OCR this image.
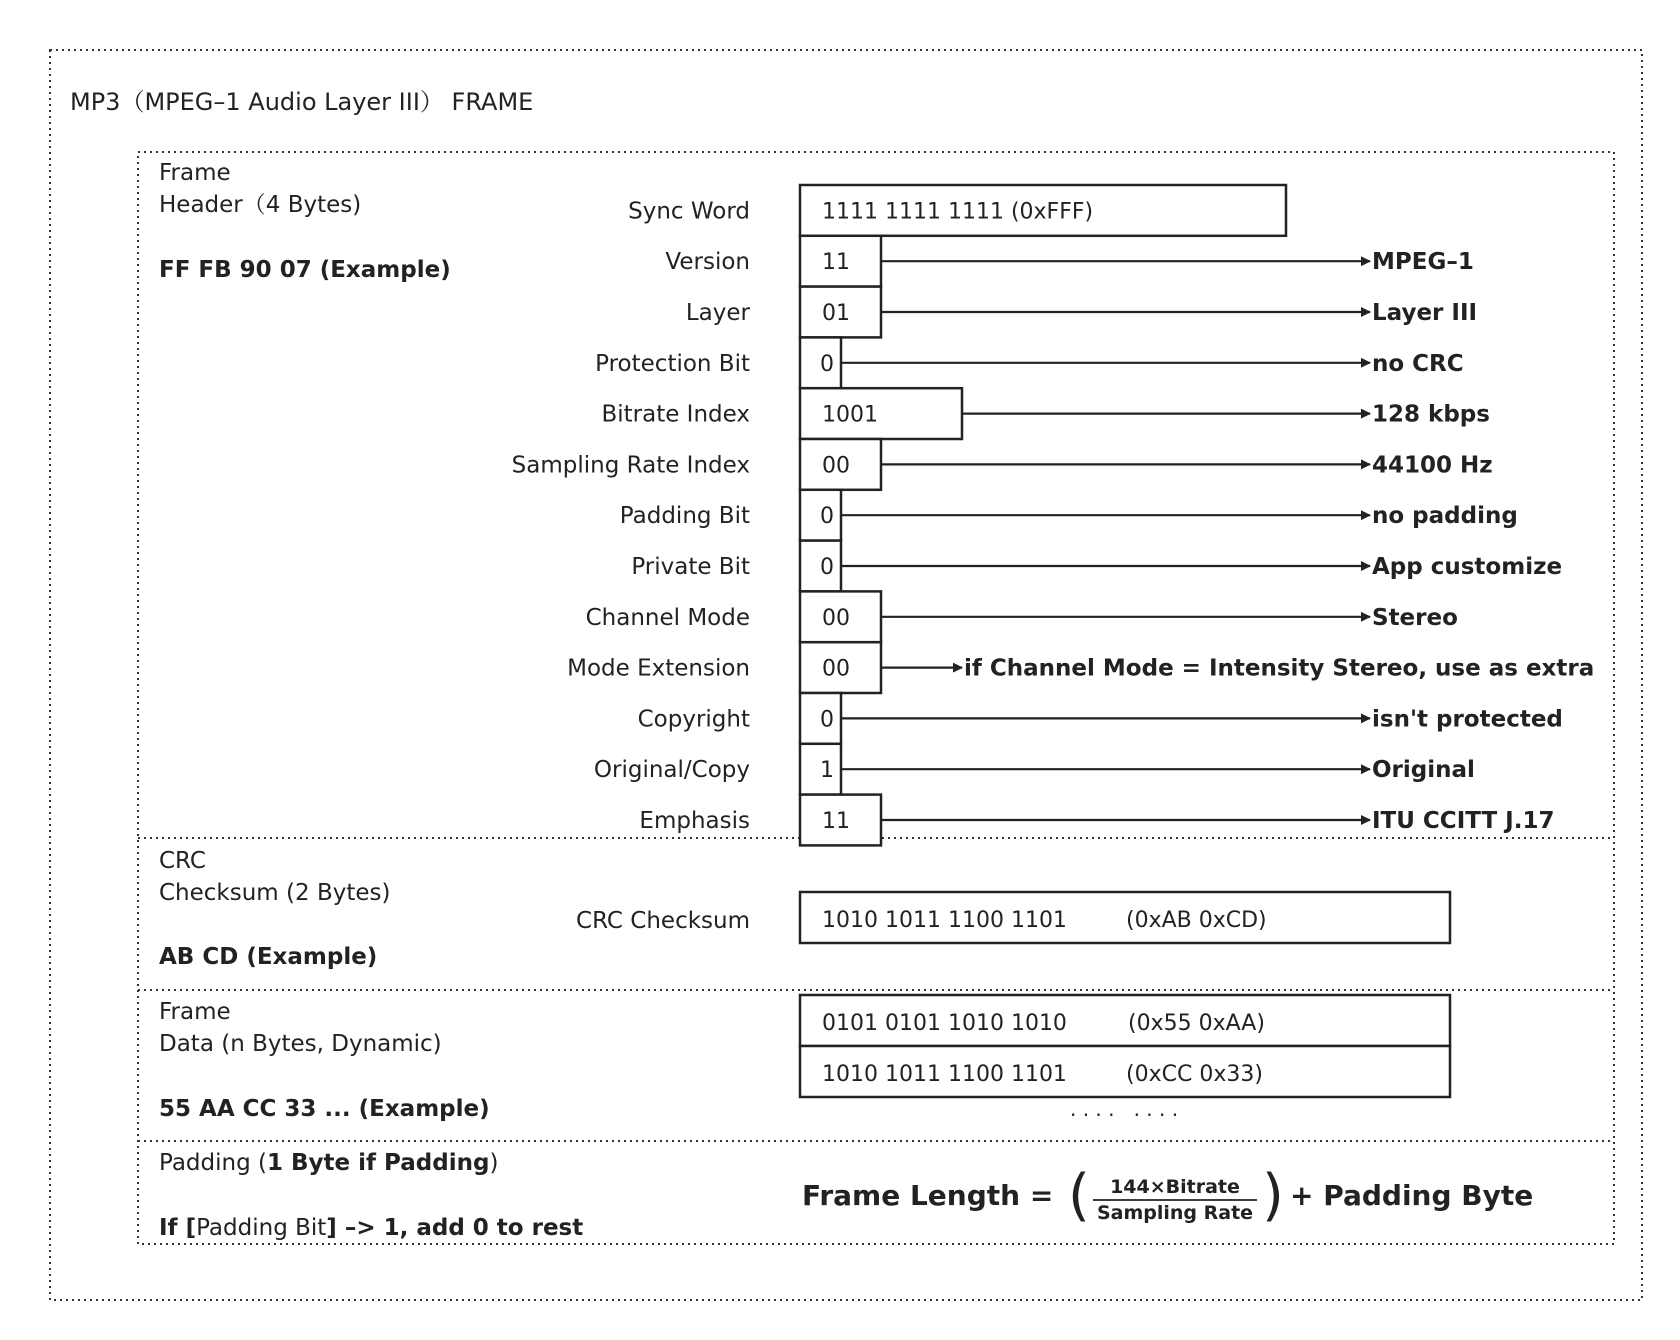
MP3（MPEG–1 Audio Layer III） FRAME
Frame
Header（4 Bytes)
FF FB 90 07 (Example)
Sync Word	1111 1111 1111 (0xFFF)
Version	11	MPEG–1
Layer	01	Layer III
Protection Bit	0	no CRC
Bitrate Index	1001	128 kbps
Sampling Rate Index	00	44100 Hz
Padding Bit	0	no padding
Private Bit	0	App customize
Channel Mode	00	Stereo
Mode Extension	00	if Channel Mode = Intensity Stereo, use as extra
Copyright	0	isn't protected
Original/Copy	1	Original
Emphasis	11	ITU CCITT J.17
CRC
Checksum (2 Bytes)
AB CD (Example)
CRC Checksum	1010 1011 1100 1101	(0xAB 0xCD)
Frame
Data (n Bytes, Dynamic)
55 AA CC 33 ... (Example)
0101 0101 1010 1010	(0x55 0xAA)
1010 1011 1100 1101	(0xCC 0x33)
· · · ·   · · · ·
Padding (1 Byte if Padding)
If [Padding Bit] –> 1, add 0 to rest
Frame Length = ( 144×Bitrate
Sampling Rate ) + Padding Byte
